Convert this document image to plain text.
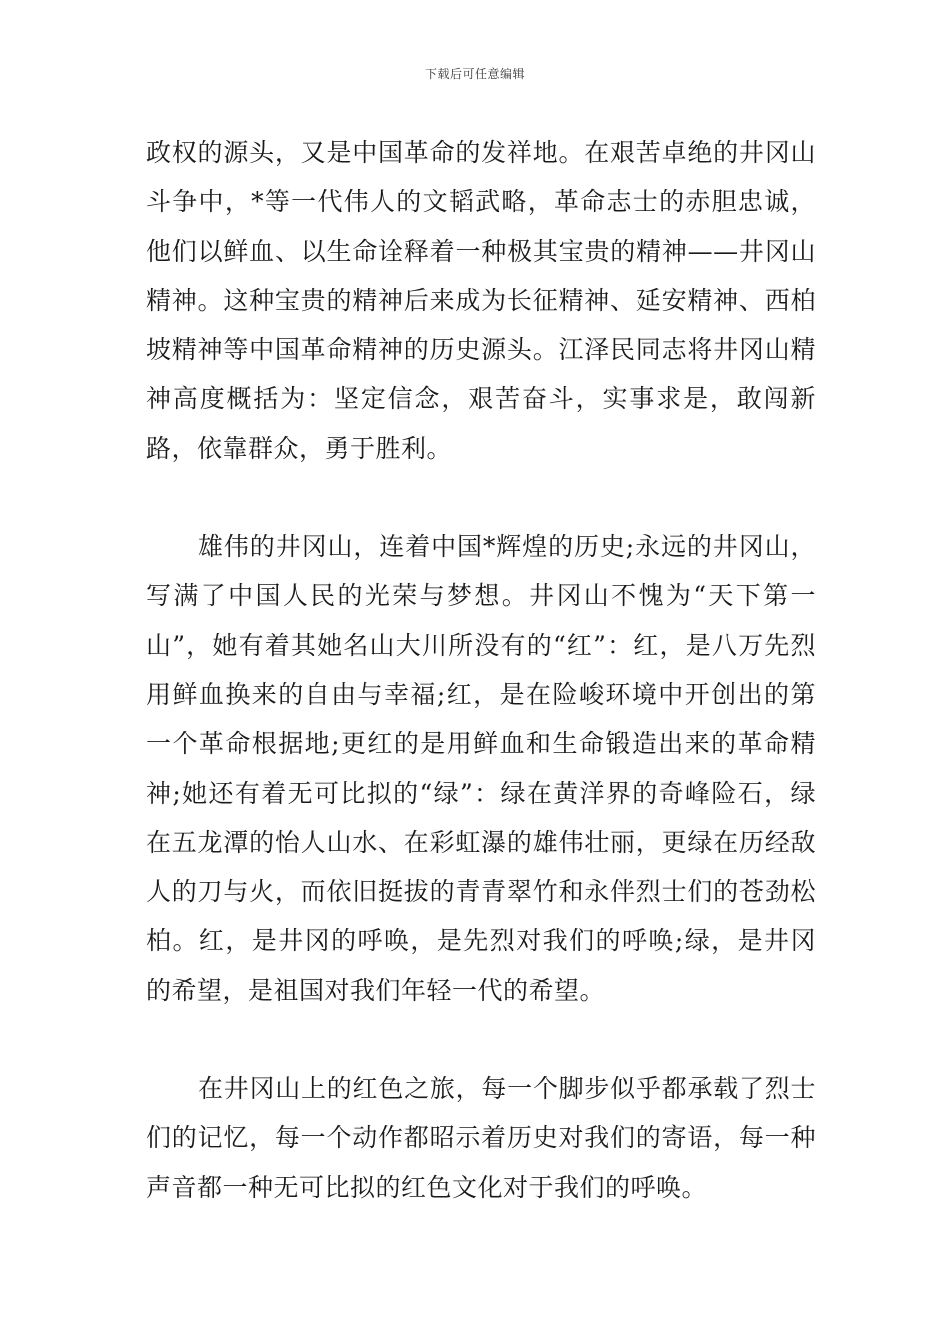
下载后可任意编辑

政权的源头，又是中国革命的发祥地。在艰苦卓绝的井冈山斗争中，*等一代伟人的文韬武略，革命志士的赤胆忠诚，他们以鲜血、以生命诠释着一种极其宝贵的精神——井冈山精神。这种宝贵的精神后来成为长征精神、延安精神、西柏坡精神等中国革命精神的历史源头。江泽民同志将井冈山精神高度概括为：坚定信念，艰苦奋斗，实事求是，敢闯新路，依靠群众，勇于胜利。

雄伟的井冈山，连着中国*辉煌的历史;永远的井冈山，写满了中国人民的光荣与梦想。井冈山不愧为“天下第一山”，她有着其她名山大川所没有的“红”：红，是八万先烈用鲜血换来的自由与幸福;红，是在险峻环境中开创出的第一个革命根据地;更红的是用鲜血和生命锻造出来的革命精神;她还有着无可比拟的“绿”：绿在黄洋界的奇峰险石，绿在五龙潭的怡人山水、在彩虹瀑的雄伟壮丽，更绿在历经敌人的刀与火，而依旧挺拔的青青翠竹和永伴烈士们的苍劲松柏。红，是井冈的呼唤，是先烈对我们的呼唤;绿，是井冈的希望，是祖国对我们年轻一代的希望。

在井冈山上的红色之旅，每一个脚步似乎都承载了烈士们的记忆，每一个动作都昭示着历史对我们的寄语，每一种声音都一种无可比拟的红色文化对于我们的呼唤。
